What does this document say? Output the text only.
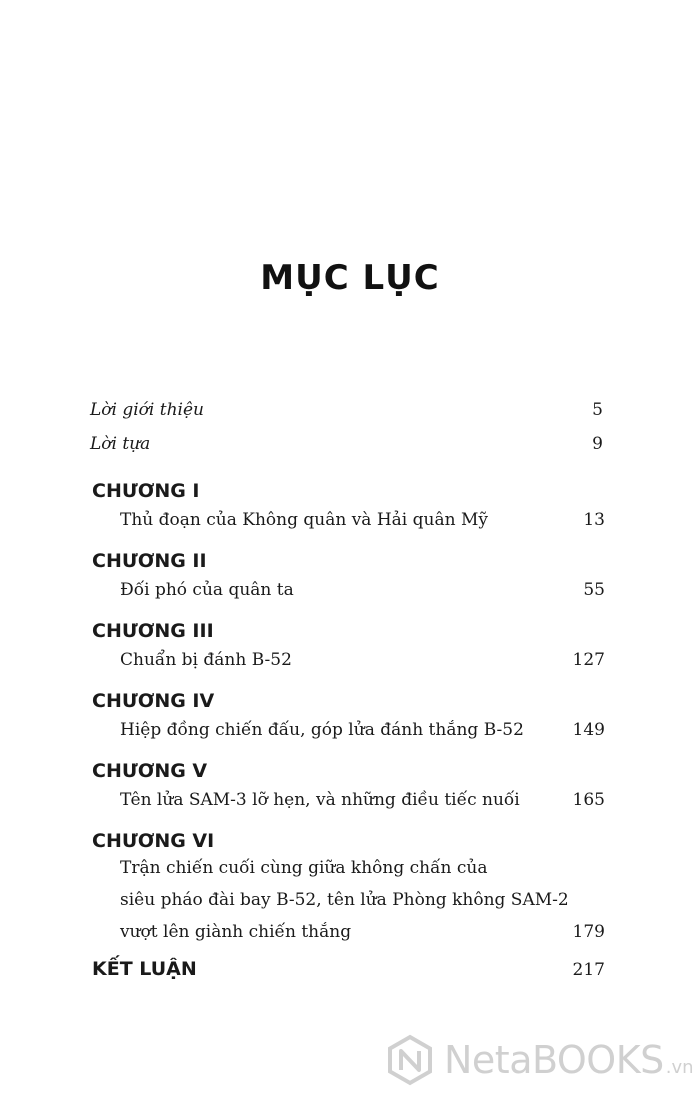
MỤC LỤC
Lời giới thiệu	5
Lời tựa	9
CHƯƠNG I
Thủ đoạn của Không quân và Hải quân Mỹ	13
CHƯƠNG II
Đối phó của quân ta	55
CHƯƠNG III
Chuẩn bị đánh B-52	127
CHƯƠNG IV
Hiệp đồng chiến đấu, góp lửa đánh thắng B-52	149
CHƯƠNG V
Tên lửa SAM-3 lỡ hẹn, và những điều tiếc nuối	165
CHƯƠNG VI
Trận chiến cuối cùng giữa không chấn của
siêu pháo đài bay B-52, tên lửa Phòng không SAM-2
vượt lên giành chiến thắng	179
KẾT LUẬN	217
NetaBOOKS .vn
